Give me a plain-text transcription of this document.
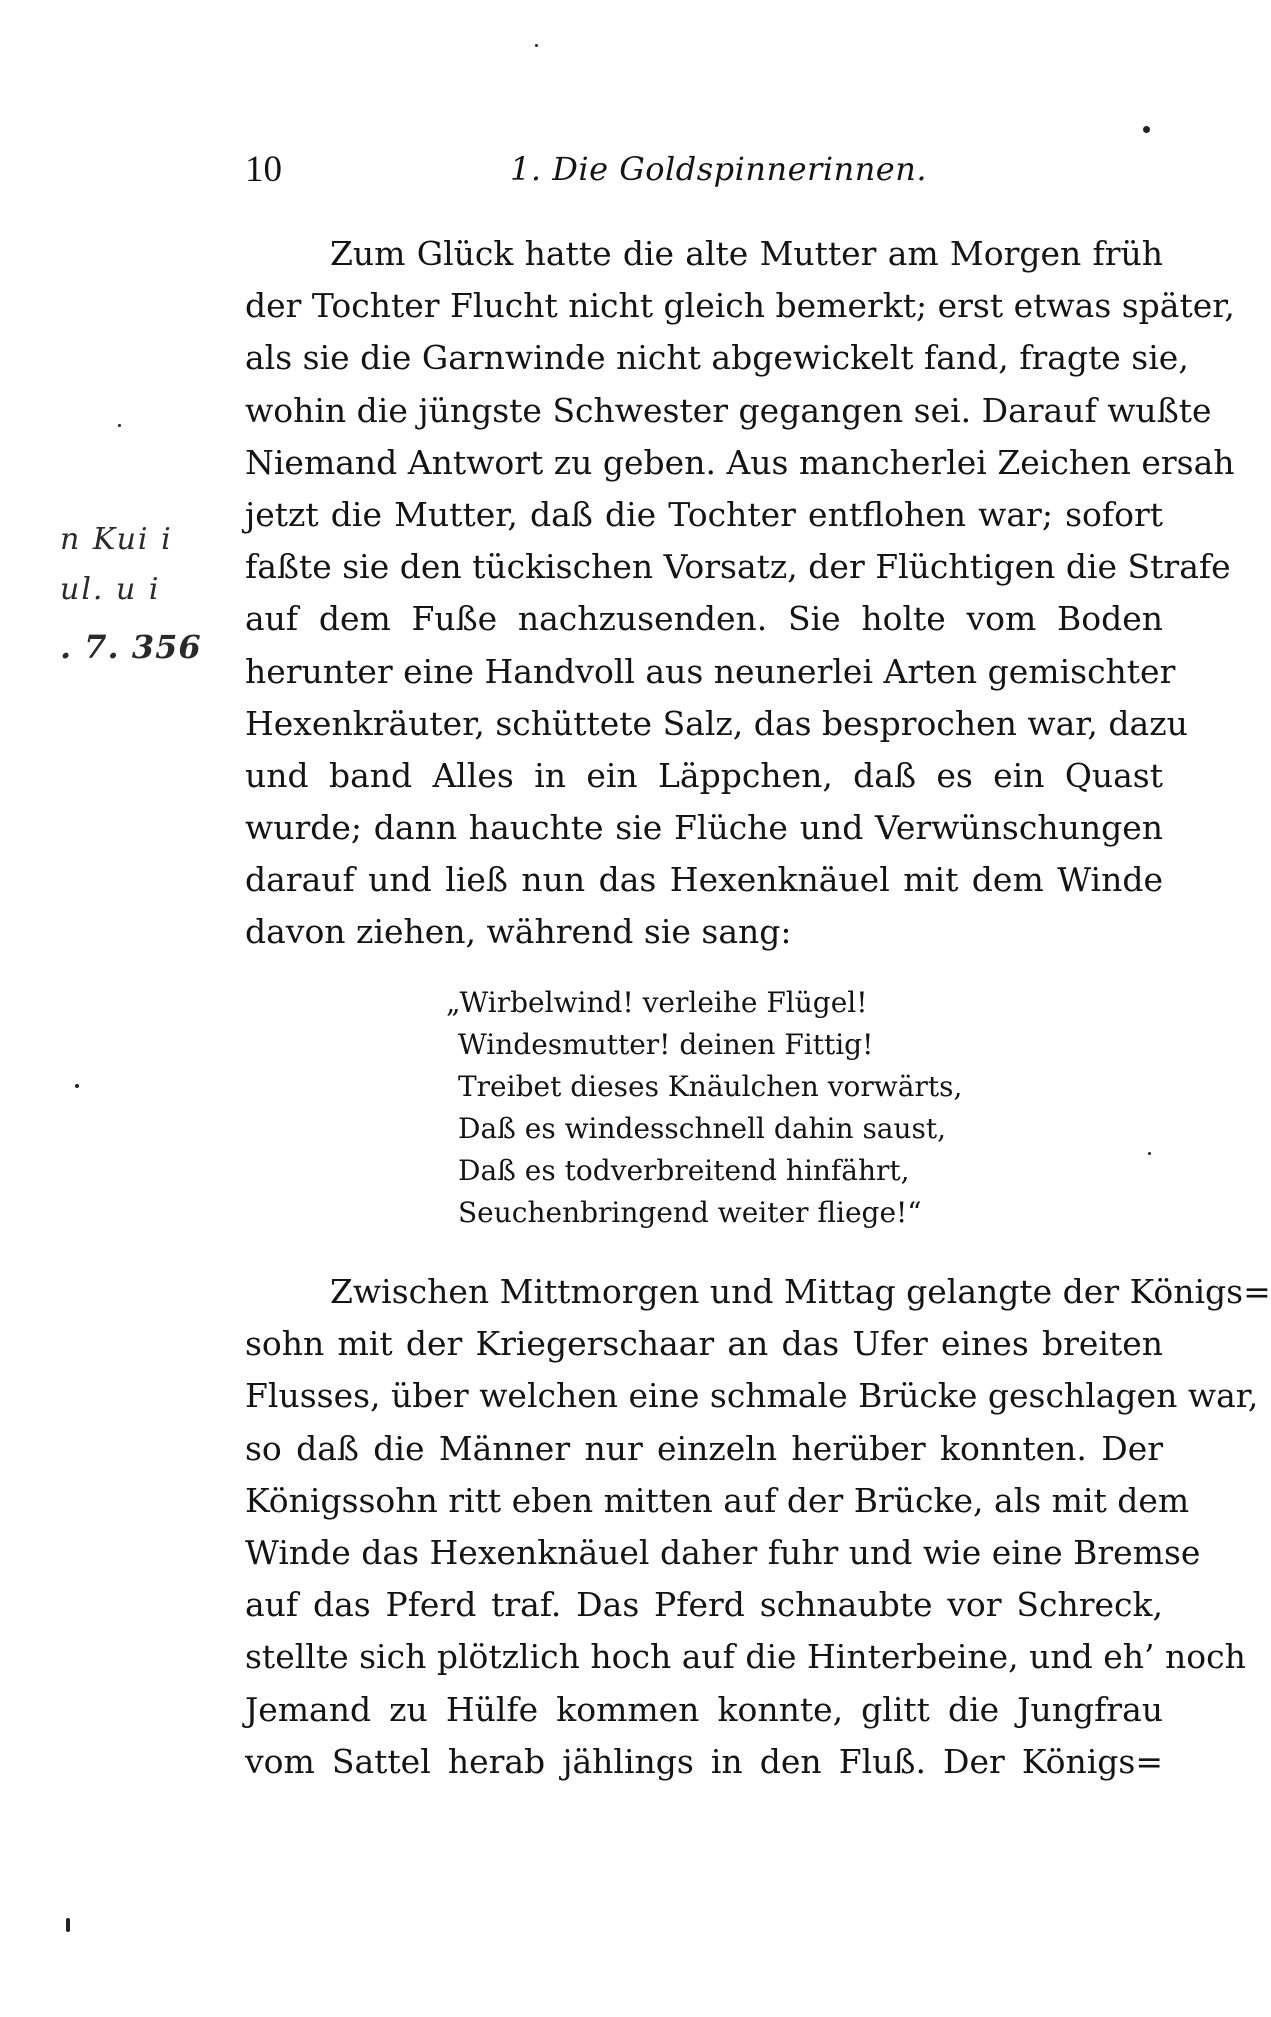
10	1. Die Goldspinnerinnen.
Zum Glück hatte die alte Mutter am Morgen früh
der Tochter Flucht nicht gleich bemerkt; erst etwas später,
als sie die Garnwinde nicht abgewickelt fand, fragte sie,
wohin die jüngste Schwester gegangen sei. Darauf wußte
Niemand Antwort zu geben. Aus mancherlei Zeichen ersah
jetzt die Mutter, daß die Tochter entflohen war; sofort
faßte sie den tückischen Vorsatz, der Flüchtigen die Strafe
auf dem Fuße nachzusenden. Sie holte vom Boden
herunter eine Handvoll aus neunerlei Arten gemischter
Hexenkräuter, schüttete Salz, das besprochen war, dazu
und band Alles in ein Läppchen, daß es ein Quast
wurde; dann hauchte sie Flüche und Verwünschungen
darauf und ließ nun das Hexenknäuel mit dem Winde
davon ziehen, während sie sang:
„Wirbelwind! verleihe Flügel!
Windesmutter! deinen Fittig!
Treibet dieses Knäulchen vorwärts,
Daß es windesschnell dahin saust,
Daß es todverbreitend hinfährt,
Seuchenbringend weiter fliege!“
Zwischen Mittmorgen und Mittag gelangte der Königs=
sohn mit der Kriegerschaar an das Ufer eines breiten
Flusses, über welchen eine schmale Brücke geschlagen war,
so daß die Männer nur einzeln herüber konnten. Der
Königssohn ritt eben mitten auf der Brücke, als mit dem
Winde das Hexenknäuel daher fuhr und wie eine Bremse
auf das Pferd traf. Das Pferd schnaubte vor Schreck,
stellte sich plötzlich hoch auf die Hinterbeine, und eh’ noch
Jemand zu Hülfe kommen konnte, glitt die Jungfrau
vom Sattel herab jählings in den Fluß. Der Königs=
n Kui i
ul. u i
. 7. 356
